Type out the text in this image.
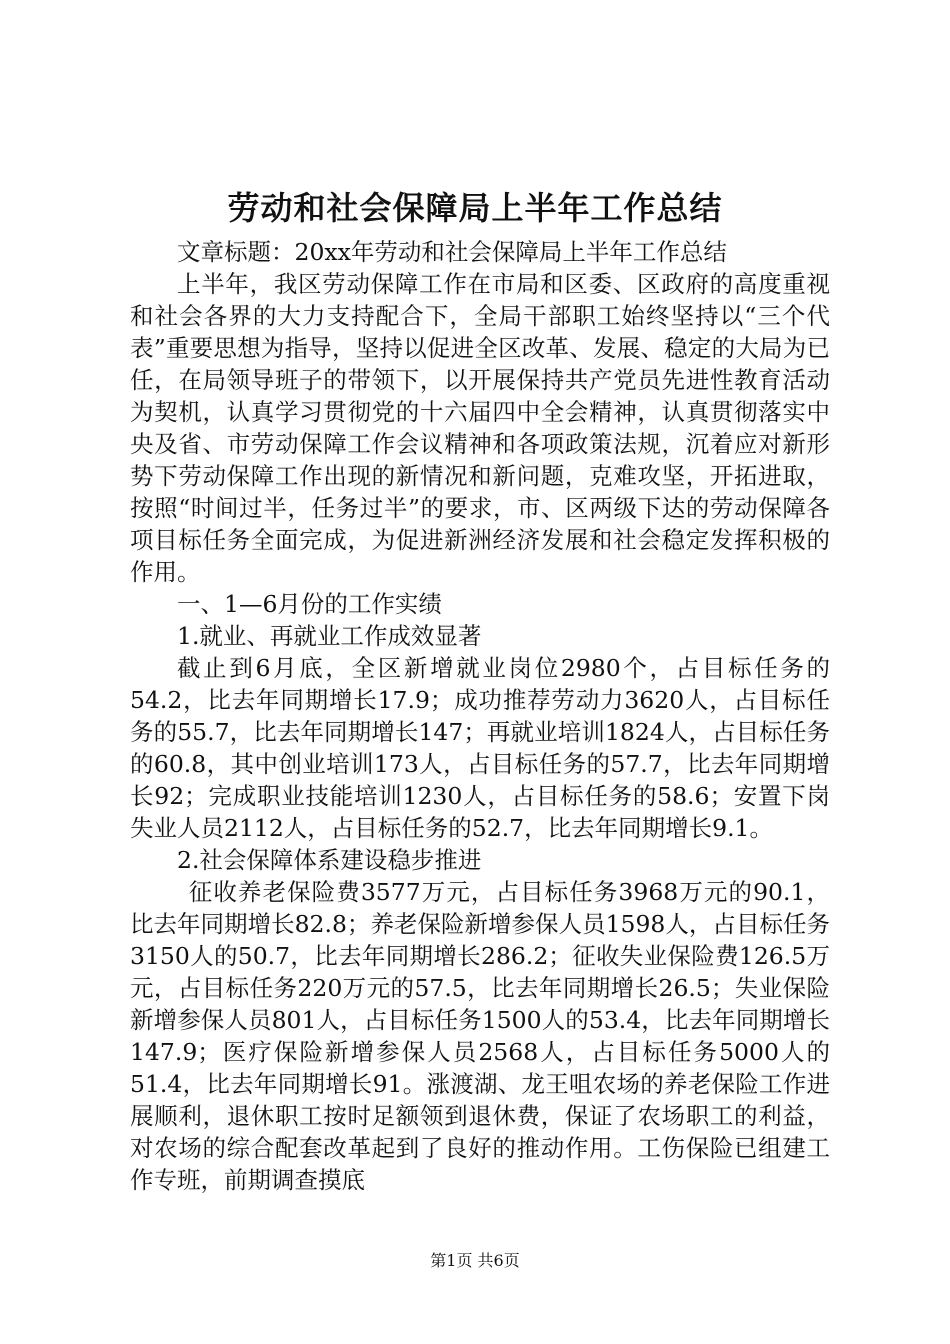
劳动和社会保障局上半年工作总结

文章标题：20xx年劳动和社会保障局上半年工作总结

上半年，我区劳动保障工作在市局和区委、区政府的高度重视和社会各界的大力支持配合下，全局干部职工始终坚持以“三个代表”重要思想为指导，坚持以促进全区改革、发展、稳定的大局为已任，在局领导班子的带领下，以开展保持共产党员先进性教育活动为契机，认真学习贯彻党的十六届四中全会精神，认真贯彻落实中央及省、市劳动保障工作会议精神和各项政策法规，沉着应对新形势下劳动保障工作出现的新情况和新问题，克难攻坚，开拓进取，按照“时间过半，任务过半”的要求，市、区两级下达的劳动保障各项目标任务全面完成，为促进新洲经济发展和社会稳定发挥积极的作用。

一、1—6月份的工作实绩

1.就业、再就业工作成效显著

截止到6月底，全区新增就业岗位2980个，占目标任务的54.2，比去年同期增长17.9；成功推荐劳动力3620人，占目标任务的55.7，比去年同期增长147；再就业培训1824人，占目标任务的60.8，其中创业培训173人，占目标任务的57.7，比去年同期增长92；完成职业技能培训1230人，占目标任务的58.6；安置下岗失业人员2112人，占目标任务的52.7，比去年同期增长9.1。

2.社会保障体系建设稳步推进

征收养老保险费3577万元，占目标任务3968万元的90.1，比去年同期增长82.8；养老保险新增参保人员1598人，占目标任务3150人的50.7，比去年同期增长286.2；征收失业保险费126.5万元，占目标任务220万元的57.5，比去年同期增长26.5；失业保险新增参保人员801人，占目标任务1500人的53.4，比去年同期增长147.9；医疗保险新增参保人员2568人，占目标任务5000人的51.4，比去年同期增长91。涨渡湖、龙王咀农场的养老保险工作进展顺利，退休职工按时足额领到退休费，保证了农场职工的利益，对农场的综合配套改革起到了良好的推动作用。工伤保险已组建工作专班，前期调查摸底

第1页 共6页
